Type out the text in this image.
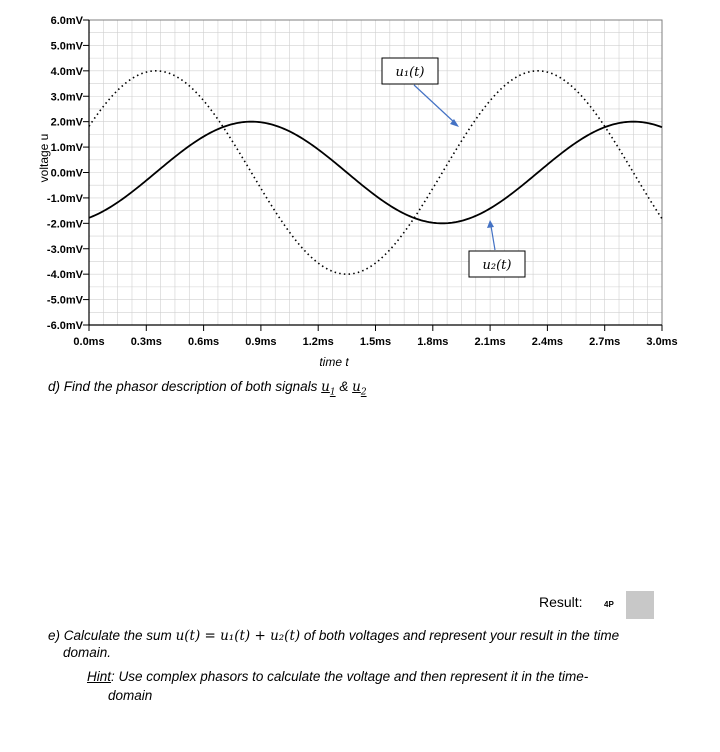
6.0mV
5.0mV
4.0mV
3.0mV
2.0mV
1.0mV
0.0mV
-1.0mV
-2.0mV
-3.0mV
-4.0mV
-5.0mV
-6.0mV
0.0ms 0.3ms 0.6ms 0.9ms 1.2ms 1.5ms 1.8ms 2.1ms 2.4ms 2.7ms 3.0ms
u₁(t)
u₂(t)
voltage u
time t
d) Find the phasor description of both signals $u_1$ & $u_2$
Result:	4P
e) Calculate the sum u(t) = u₁(t) + u₂(t) of both voltages and represent your result in the time
domain.
Hint: Use complex phasors to calculate the voltage and then represent it in the time-
domain
